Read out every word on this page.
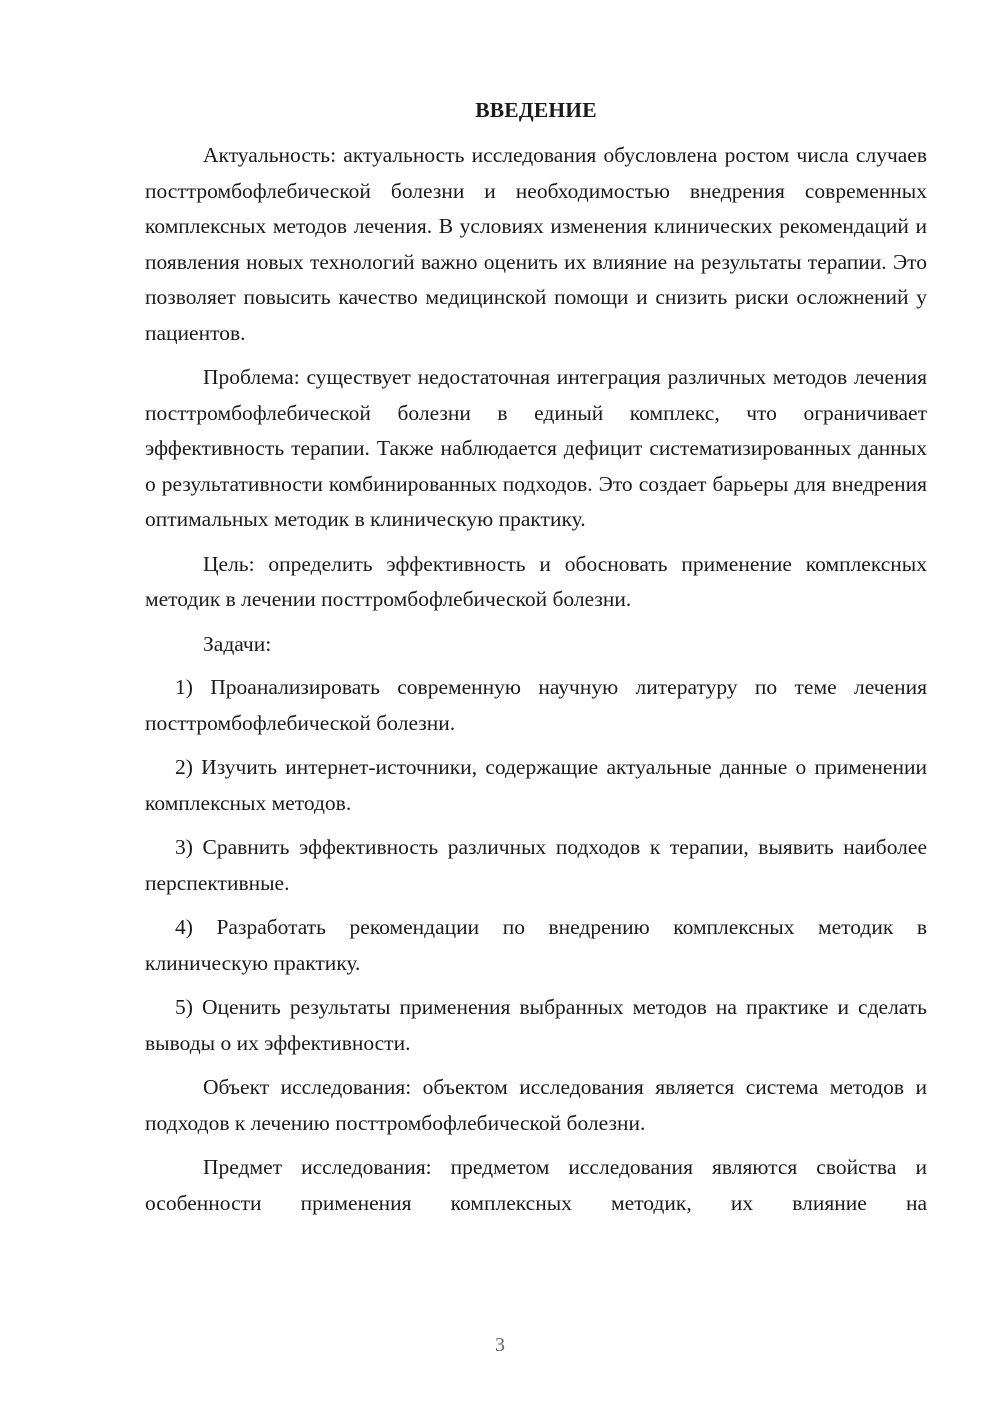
ВВЕДЕНИЕ

Актуальность: актуальность исследования обусловлена ростом числа случаев посттромбофлебической болезни и необходимостью внедрения современных комплексных методов лечения. В условиях изменения клинических рекомендаций и появления новых технологий важно оценить их влияние на результаты терапии. Это позволяет повысить качество медицинской помощи и снизить риски осложнений у пациентов.

Проблема: существует недостаточная интеграция различных методов лечения посттромбофлебической болезни в единый комплекс, что ограничивает эффективность терапии. Также наблюдается дефицит систематизированных данных о результативности комбинированных подходов. Это создает барьеры для внедрения оптимальных методик в клиническую практику.

Цель: определить эффективность и обосновать применение комплексных методик в лечении посттромбофлебической болезни.

Задачи:

1) Проанализировать современную научную литературу по теме лечения посттромбофлебической болезни.

2) Изучить интернет-источники, содержащие актуальные данные о применении комплексных методов.

3) Сравнить эффективность различных подходов к терапии, выявить наиболее перспективные.

4) Разработать рекомендации по внедрению комплексных методик в клиническую практику.

5) Оценить результаты применения выбранных методов на практике и сделать выводы о их эффективности.

Объект исследования: объектом исследования является система методов и подходов к лечению посттромбофлебической болезни.

Предмет исследования: предметом исследования являются свойства и особенности применения комплексных методик, их влияние на

3
